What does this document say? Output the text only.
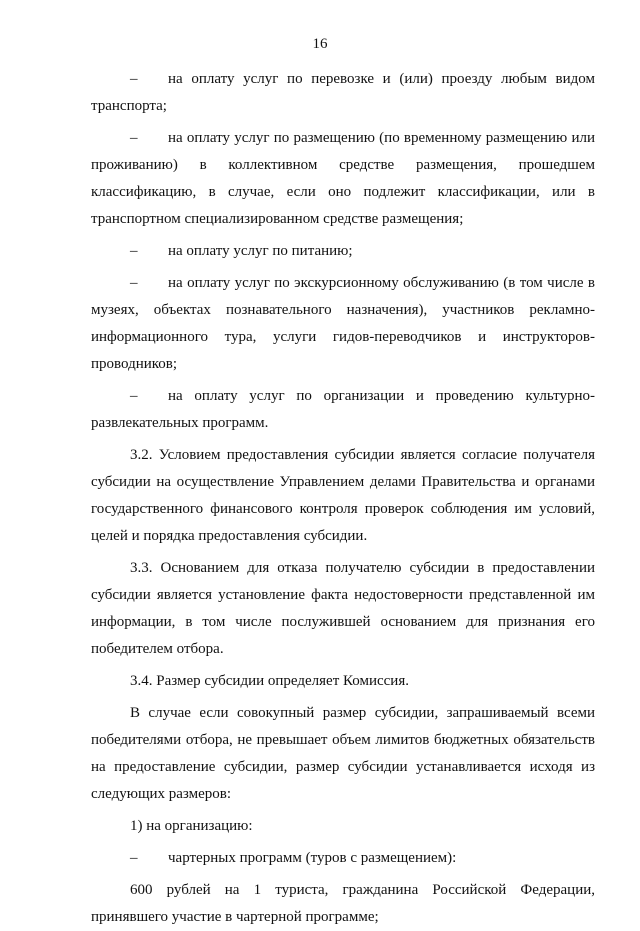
16
– на оплату услуг по перевозке и (или) проезду любым видом транспорта;
– на оплату услуг по размещению (по временному размещению или проживанию) в коллективном средстве размещения, прошедшем классификацию, в случае, если оно подлежит классификации, или в транспортном специализированном средстве размещения;
– на оплату услуг по питанию;
– на оплату услуг по экскурсионному обслуживанию (в том числе в музеях, объектах познавательного назначения), участников рекламно-информационного тура, услуги гидов-переводчиков и инструкторов-проводников;
– на оплату услуг по организации и проведению культурно-развлекательных программ.
3.2. Условием предоставления субсидии является согласие получателя субсидии на осуществление Управлением делами Правительства и органами государственного финансового контроля проверок соблюдения им условий, целей и порядка предоставления субсидии.
3.3. Основанием для отказа получателю субсидии в предоставлении субсидии является установление факта недостоверности представленной им информации, в том числе послужившей основанием для признания его победителем отбора.
3.4. Размер субсидии определяет Комиссия.
В случае если совокупный размер субсидии, запрашиваемый всеми победителями отбора, не превышает объем лимитов бюджетных обязательств на предоставление субсидии, размер субсидии устанавливается исходя из следующих размеров:
1) на организацию:
– чартерных программ (туров с размещением):
600 рублей на 1 туриста, гражданина Российской Федерации, принявшего участие в чартерной программе;
